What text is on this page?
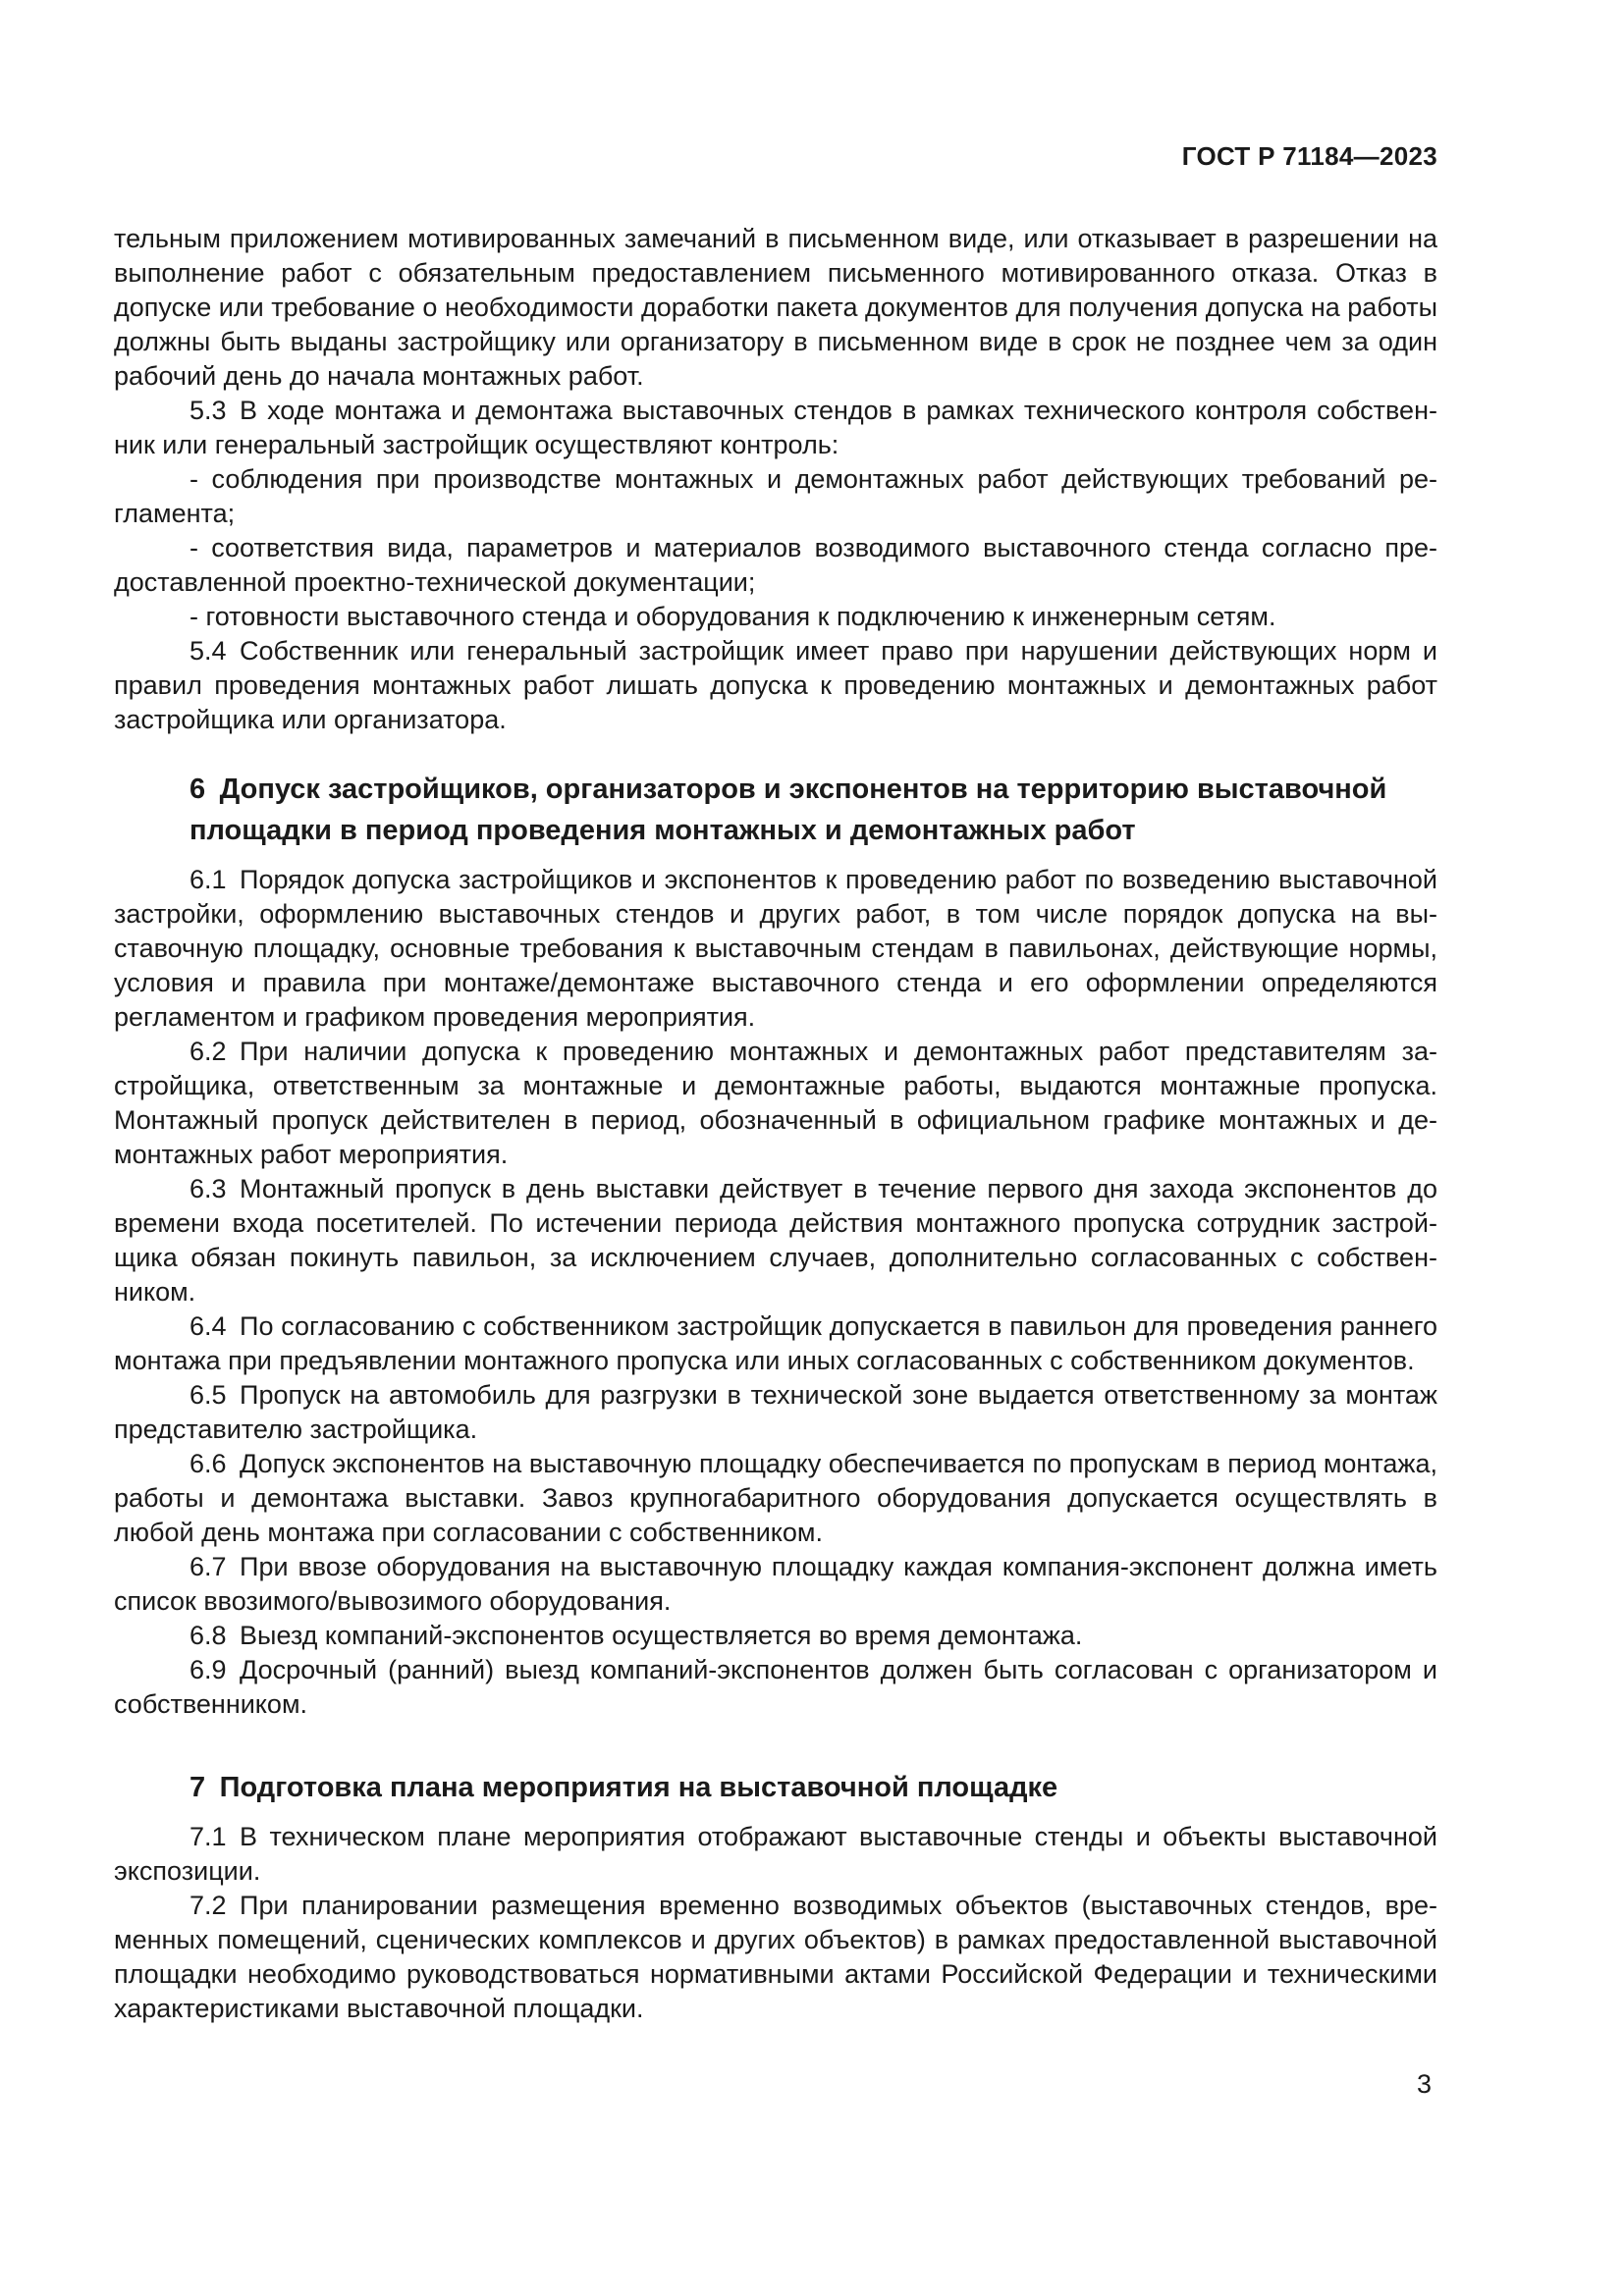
ГОСТ Р 71184—2023

тельным приложением мотивированных замечаний в письменном виде, или отказывает в разрешении на выполнение работ с обязательным предоставлением письменного мотивированного отказа. Отказ в допуске или требование о необходимости доработки пакета документов для получения допуска на работы должны быть выданы застройщику или организатору в письменном виде в срок не позднее чем за один рабочий день до начала монтажных работ.

5.3 В ходе монтажа и демонтажа выставочных стендов в рамках технического контроля собственник или генеральный застройщик осуществляют контроль:

- соблюдения при производстве монтажных и демонтажных работ действующих требований регламента;

- соответствия вида, параметров и материалов возводимого выставочного стенда согласно предоставленной проектно-технической документации;

- готовности выставочного стенда и оборудования к подключению к инженерным сетям.

5.4 Собственник или генеральный застройщик имеет право при нарушении действующих норм и правил проведения монтажных работ лишать допуска к проведению монтажных и демонтажных работ застройщика или организатора.

6 Допуск застройщиков, организаторов и экспонентов на территорию выставочной площадки в период проведения монтажных и демонтажных работ

6.1 Порядок допуска застройщиков и экспонентов к проведению работ по возведению выставочной застройки, оформлению выставочных стендов и других работ, в том числе порядок допуска на выставочную площадку, основные требования к выставочным стендам в павильонах, действующие нормы, условия и правила при монтаже/демонтаже выставочного стенда и его оформлении определяются регламентом и графиком проведения мероприятия.

6.2 При наличии допуска к проведению монтажных и демонтажных работ представителям застройщика, ответственным за монтажные и демонтажные работы, выдаются монтажные пропуска. Монтажный пропуск действителен в период, обозначенный в официальном графике монтажных и демонтажных работ мероприятия.

6.3 Монтажный пропуск в день выставки действует в течение первого дня захода экспонентов до времени входа посетителей. По истечении периода действия монтажного пропуска сотрудник застройщика обязан покинуть павильон, за исключением случаев, дополнительно согласованных с собственником.

6.4 По согласованию с собственником застройщик допускается в павильон для проведения раннего монтажа при предъявлении монтажного пропуска или иных согласованных с собственником документов.

6.5 Пропуск на автомобиль для разгрузки в технической зоне выдается ответственному за монтаж представителю застройщика.

6.6 Допуск экспонентов на выставочную площадку обеспечивается по пропускам в период монтажа, работы и демонтажа выставки. Завоз крупногабаритного оборудования допускается осуществлять в любой день монтажа при согласовании с собственником.

6.7 При ввозе оборудования на выставочную площадку каждая компания-экспонент должна иметь список ввозимого/вывозимого оборудования.

6.8 Выезд компаний-экспонентов осуществляется во время демонтажа.

6.9 Досрочный (ранний) выезд компаний-экспонентов должен быть согласован с организатором и собственником.

7 Подготовка плана мероприятия на выставочной площадке

7.1 В техническом плане мероприятия отображают выставочные стенды и объекты выставочной экспозиции.

7.2 При планировании размещения временно возводимых объектов (выставочных стендов, временных помещений, сценических комплексов и других объектов) в рамках предоставленной выставочной площадки необходимо руководствоваться нормативными актами Российской Федерации и техническими характеристиками выставочной площадки.

3
